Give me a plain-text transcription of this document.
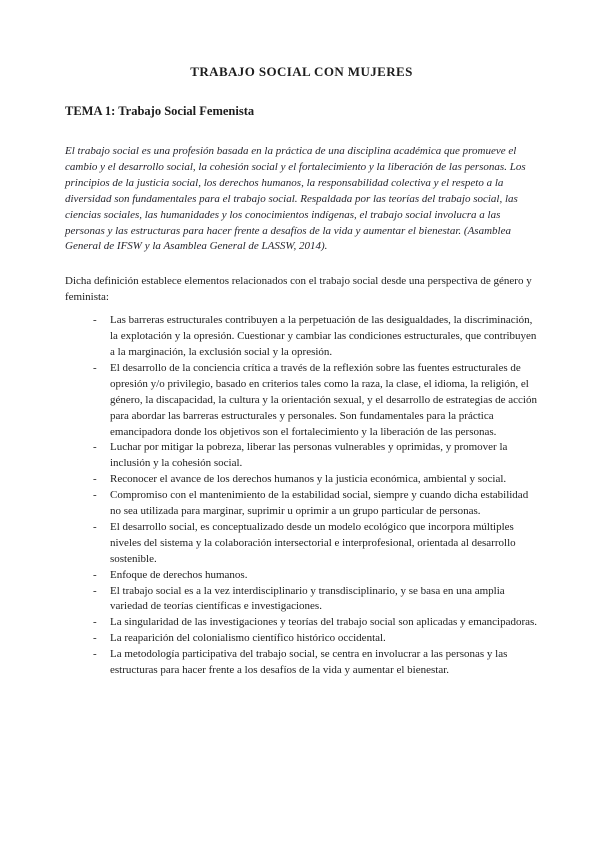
TRABAJO SOCIAL CON MUJERES
TEMA 1: Trabajo Social Femenista

El trabajo social es una profesión basada en la práctica de una disciplina académica que promueve el cambio y el desarrollo social, la cohesión social y el fortalecimiento y la liberación de las personas. Los principios de la justicia social, los derechos humanos, la responsabilidad colectiva y el respeto a la diversidad son fundamentales para el trabajo social. Respaldada por las teorías del trabajo social, las ciencias sociales, las humanidades y los conocimientos indígenas, el trabajo social involucra a las personas y las estructuras para hacer frente a desafíos de la vida y aumentar el bienestar. (Asamblea General de IFSW y la Asamblea General de LASSW, 2014).

Dicha definición establece elementos relacionados con el trabajo social desde una perspectiva de género y feminista:

-	Las barreras estructurales contribuyen a la perpetuación de las desigualdades, la discriminación, la explotación y la opresión. Cuestionar y cambiar las condiciones estructurales, que contribuyen a la marginación, la exclusión social y la opresión.
-	El desarrollo de la conciencia crítica a través de la reflexión sobre las fuentes estructurales de opresión y/o privilegio, basado en criterios tales como la raza, la clase, el idioma, la religión, el género, la discapacidad, la cultura y la orientación sexual, y el desarrollo de estrategias de acción para abordar las barreras estructurales y personales. Son fundamentales para la práctica emancipadora donde los objetivos son el fortalecimiento y la liberación de las personas.
-	Luchar por mitigar la pobreza, liberar las personas vulnerables y oprimidas, y promover la inclusión y la cohesión social.
-	Reconocer el avance de los derechos humanos y la justicia económica, ambiental y social.
-	Compromiso con el mantenimiento de la estabilidad social, siempre y cuando dicha estabilidad no sea utilizada para marginar, suprimir u oprimir a un grupo particular de personas.
-	El desarrollo social, es conceptualizado desde un modelo ecológico que incorpora múltiples niveles del sistema y la colaboración intersectorial e interprofesional, orientada al desarrollo sostenible.
-	Enfoque de derechos humanos.
-	El trabajo social es a la vez interdisciplinario y transdisciplinario, y se basa en una amplia variedad de teorías científicas e investigaciones.
-	La singularidad de las investigaciones y teorías del trabajo social son aplicadas y emancipadoras.
-	La reaparición del colonialismo científico histórico occidental.
-	La metodología participativa del trabajo social, se centra en involucrar a las personas y las estructuras para hacer frente a los desafíos de la vida y aumentar el bienestar.
